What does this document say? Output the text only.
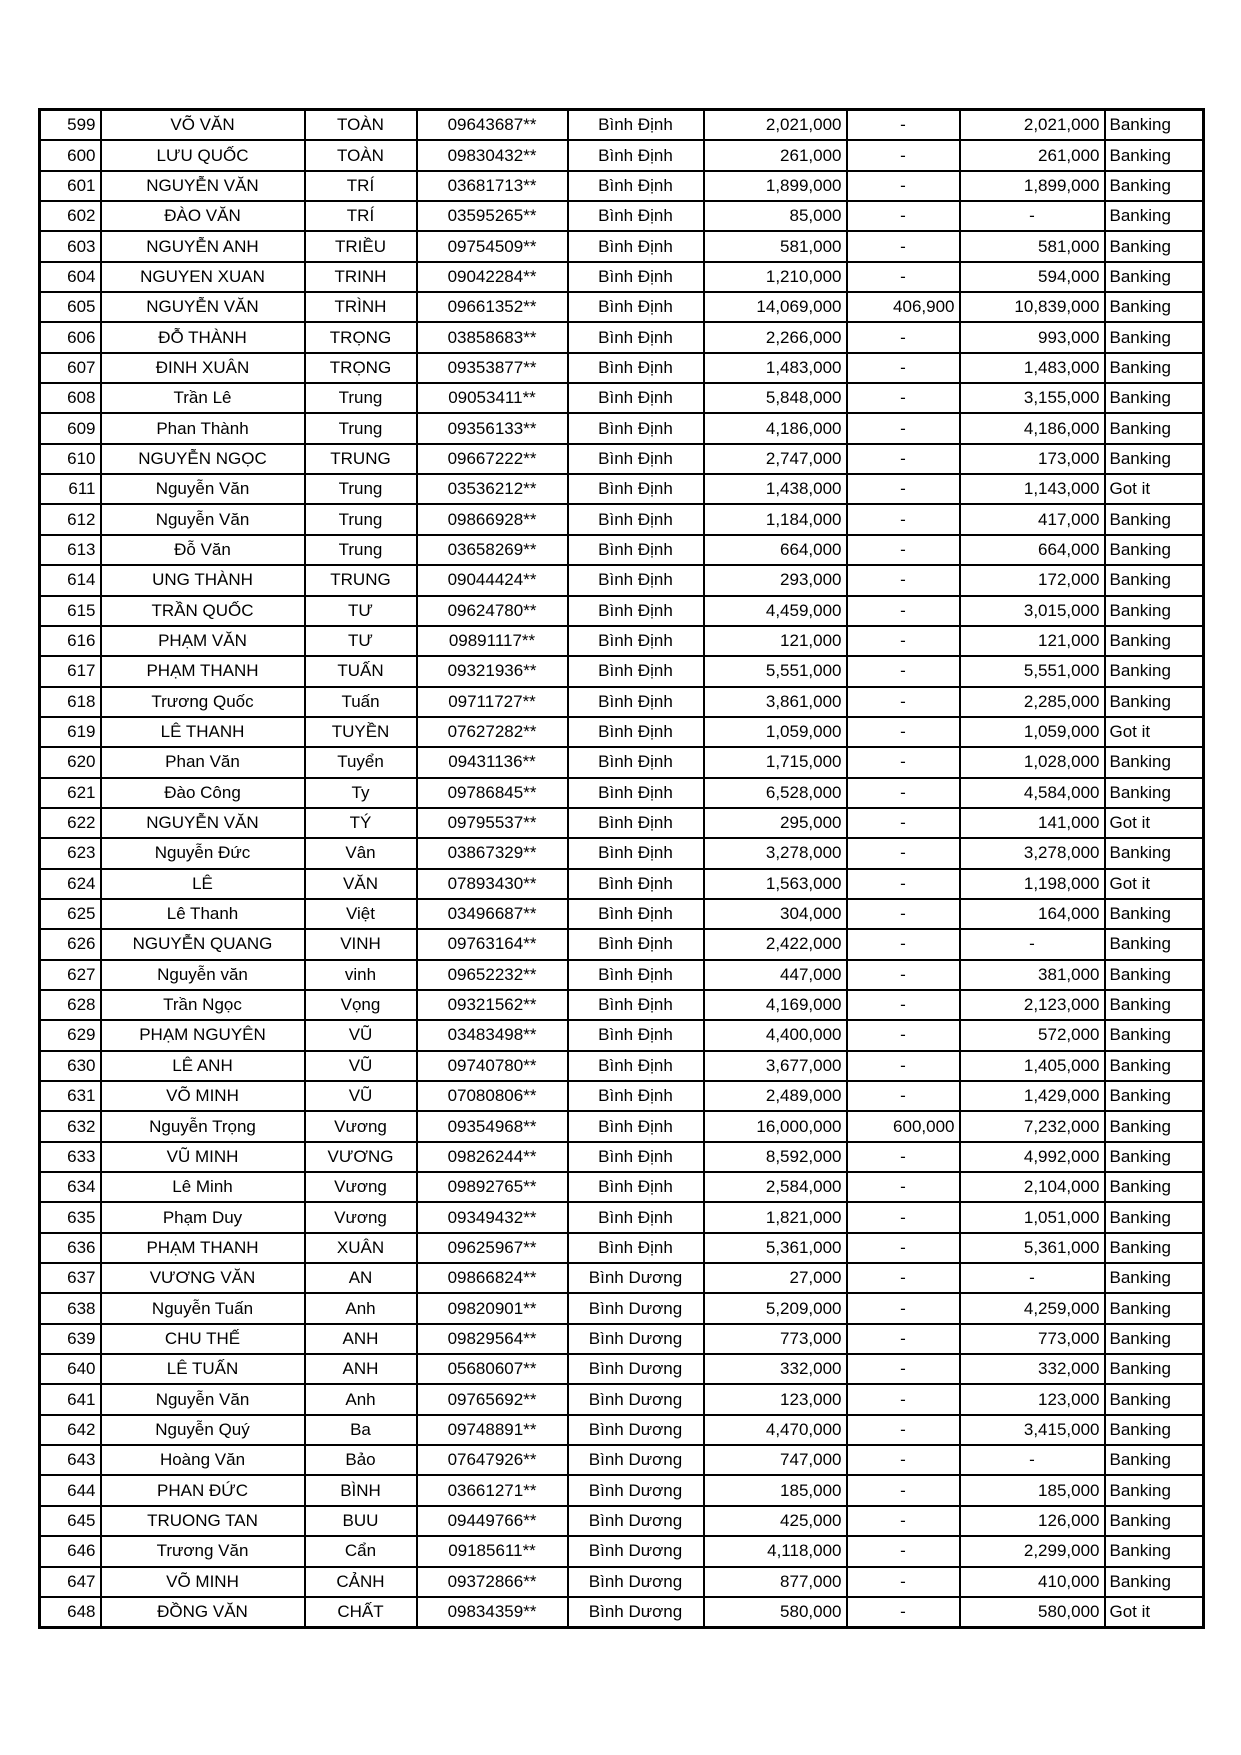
599	VÕ VĂN	TOÀN	09643687**	Bình Định	2,021,000	-	2,021,000	Banking
600	LƯU QUỐC	TOÀN	09830432**	Bình Định	261,000	-	261,000	Banking
601	NGUYỄN VĂN	TRÍ	03681713**	Bình Định	1,899,000	-	1,899,000	Banking
602	ĐÀO VĂN	TRÍ	03595265**	Bình Định	85,000	-	-	Banking
603	NGUYỄN ANH	TRIỀU	09754509**	Bình Định	581,000	-	581,000	Banking
604	NGUYEN XUAN	TRINH	09042284**	Bình Định	1,210,000	-	594,000	Banking
605	NGUYỄN VĂN	TRÌNH	09661352**	Bình Định	14,069,000	406,900	10,839,000	Banking
606	ĐỖ THÀNH	TRỌNG	03858683**	Bình Định	2,266,000	-	993,000	Banking
607	ĐINH XUÂN	TRỌNG	09353877**	Bình Định	1,483,000	-	1,483,000	Banking
608	Trần Lê	Trung	09053411**	Bình Định	5,848,000	-	3,155,000	Banking
609	Phan Thành	Trung	09356133**	Bình Định	4,186,000	-	4,186,000	Banking
610	NGUYỄN NGỌC	TRUNG	09667222**	Bình Định	2,747,000	-	173,000	Banking
611	Nguyễn Văn	Trung	03536212**	Bình Định	1,438,000	-	1,143,000	Got it
612	Nguyễn Văn	Trung	09866928**	Bình Định	1,184,000	-	417,000	Banking
613	Đỗ Văn	Trung	03658269**	Bình Định	664,000	-	664,000	Banking
614	UNG THÀNH	TRUNG	09044424**	Bình Định	293,000	-	172,000	Banking
615	TRẦN QUỐC	TƯ	09624780**	Bình Định	4,459,000	-	3,015,000	Banking
616	PHẠM VĂN	TƯ	09891117**	Bình Định	121,000	-	121,000	Banking
617	PHẠM THANH	TUẤN	09321936**	Bình Định	5,551,000	-	5,551,000	Banking
618	Trương Quốc	Tuấn	09711727**	Bình Định	3,861,000	-	2,285,000	Banking
619	LÊ THANH	TUYỀN	07627282**	Bình Định	1,059,000	-	1,059,000	Got it
620	Phan Văn	Tuyển	09431136**	Bình Định	1,715,000	-	1,028,000	Banking
621	Đào Công	Ty	09786845**	Bình Định	6,528,000	-	4,584,000	Banking
622	NGUYỄN VĂN	TÝ	09795537**	Bình Định	295,000	-	141,000	Got it
623	Nguyễn Đức	Vân	03867329**	Bình Định	3,278,000	-	3,278,000	Banking
624	LÊ	VĂN	07893430**	Bình Định	1,563,000	-	1,198,000	Got it
625	Lê Thanh	Việt	03496687**	Bình Định	304,000	-	164,000	Banking
626	NGUYỄN QUANG	VINH	09763164**	Bình Định	2,422,000	-	-	Banking
627	Nguyễn văn	vinh	09652232**	Bình Định	447,000	-	381,000	Banking
628	Trần Ngọc	Vọng	09321562**	Bình Định	4,169,000	-	2,123,000	Banking
629	PHẠM NGUYÊN	VŨ	03483498**	Bình Định	4,400,000	-	572,000	Banking
630	LÊ ANH	VŨ	09740780**	Bình Định	3,677,000	-	1,405,000	Banking
631	VÕ MINH	VŨ	07080806**	Bình Định	2,489,000	-	1,429,000	Banking
632	Nguyễn Trọng	Vương	09354968**	Bình Định	16,000,000	600,000	7,232,000	Banking
633	VŨ MINH	VƯƠNG	09826244**	Bình Định	8,592,000	-	4,992,000	Banking
634	Lê Minh	Vương	09892765**	Bình Định	2,584,000	-	2,104,000	Banking
635	Phạm Duy	Vương	09349432**	Bình Định	1,821,000	-	1,051,000	Banking
636	PHẠM THANH	XUÂN	09625967**	Bình Định	5,361,000	-	5,361,000	Banking
637	VƯƠNG VĂN	AN	09866824**	Bình Dương	27,000	-	-	Banking
638	Nguyễn Tuấn	Anh	09820901**	Bình Dương	5,209,000	-	4,259,000	Banking
639	CHU THẾ	ANH	09829564**	Bình Dương	773,000	-	773,000	Banking
640	LÊ TUẤN	ANH	05680607**	Bình Dương	332,000	-	332,000	Banking
641	Nguyễn Văn	Anh	09765692**	Bình Dương	123,000	-	123,000	Banking
642	Nguyễn Quý	Ba	09748891**	Bình Dương	4,470,000	-	3,415,000	Banking
643	Hoàng Văn	Bảo	07647926**	Bình Dương	747,000	-	-	Banking
644	PHAN ĐỨC	BÌNH	03661271**	Bình Dương	185,000	-	185,000	Banking
645	TRUONG TAN	BUU	09449766**	Bình Dương	425,000	-	126,000	Banking
646	Trương Văn	Cẩn	09185611**	Bình Dương	4,118,000	-	2,299,000	Banking
647	VÕ MINH	CẢNH	09372866**	Bình Dương	877,000	-	410,000	Banking
648	ĐỒNG VĂN	CHẤT	09834359**	Bình Dương	580,000	-	580,000	Got it
